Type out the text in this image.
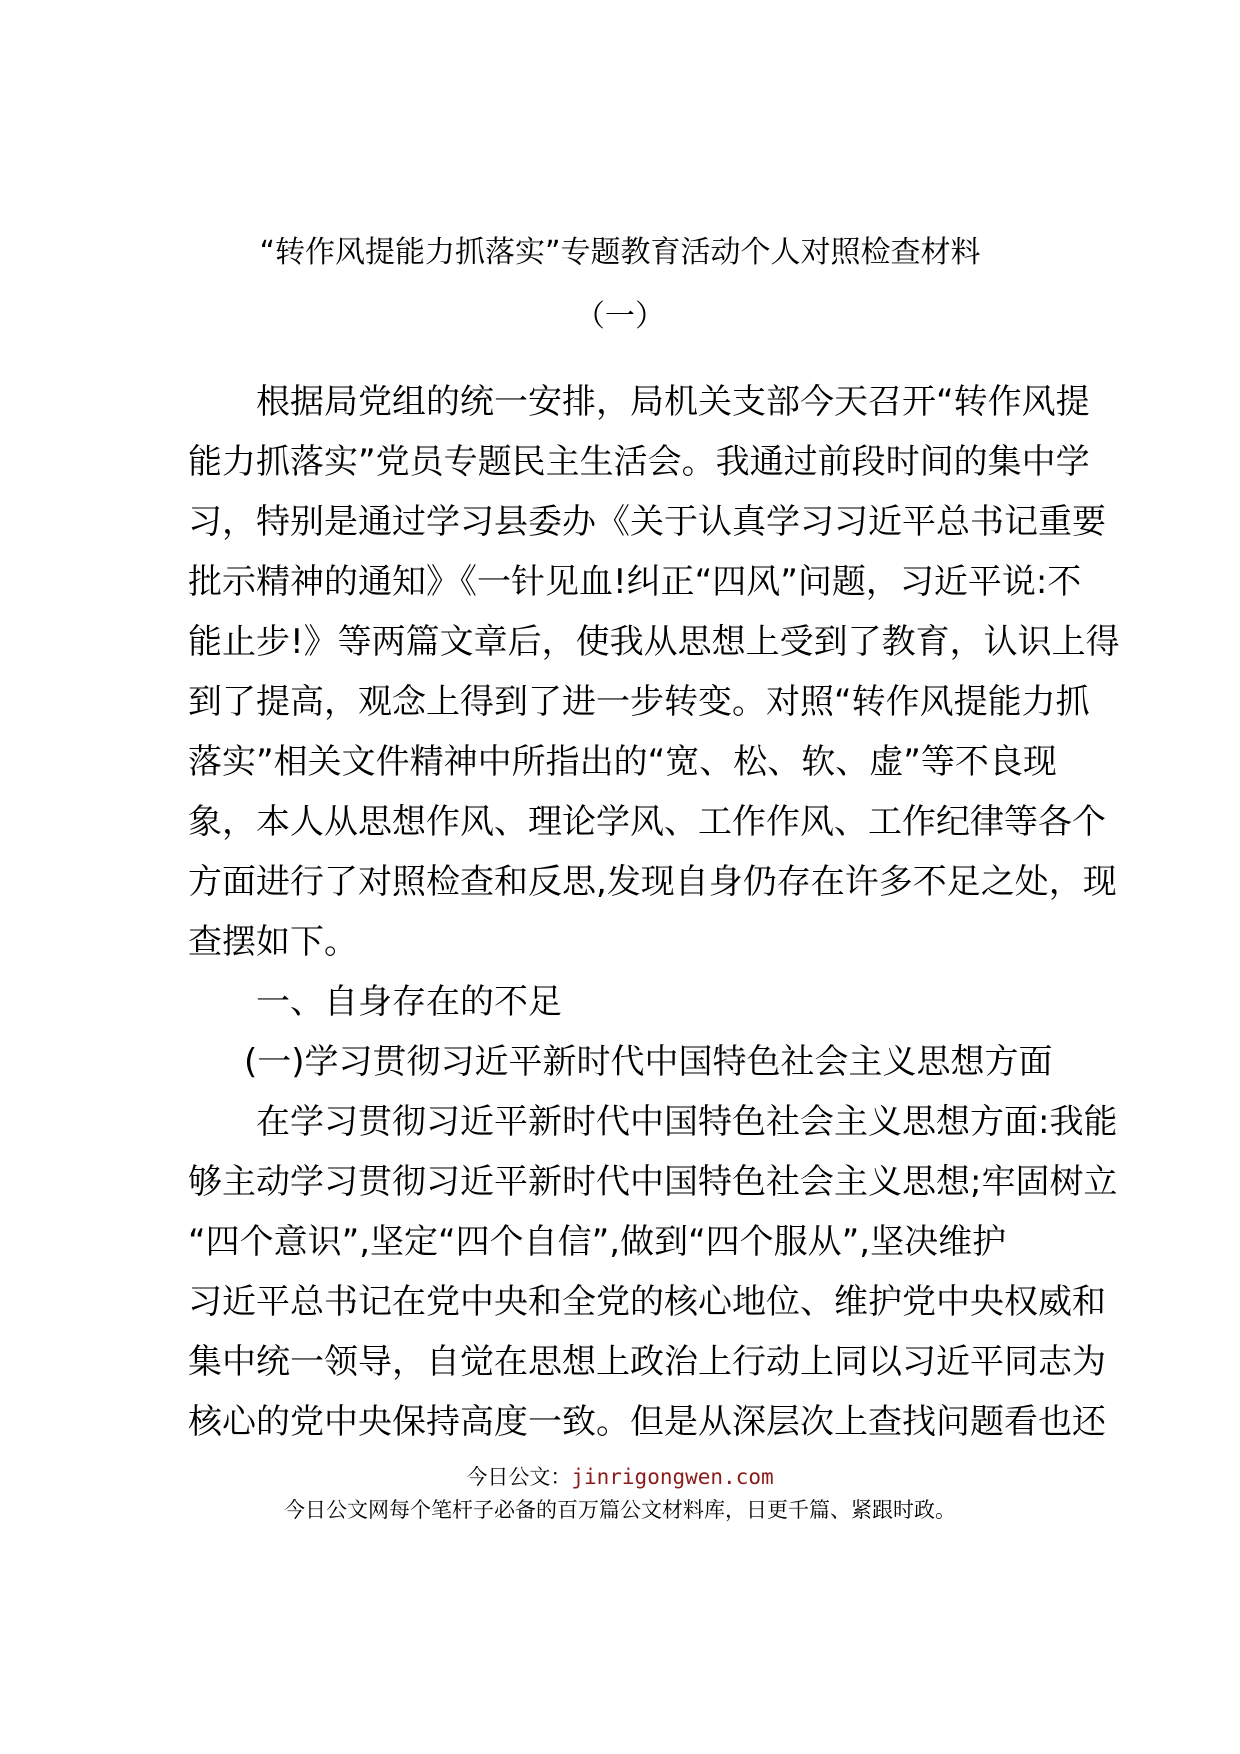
“转作风提能力抓落实”专题教育活动个人对照检查材料
（一）

根据局党组的统一安排，局机关支部今天召开“转作风提

能力抓落实”党员专题民主生活会。我通过前段时间的集中学

习，特别是通过学习县委办《关于认真学习习近平总书记重要

批示精神的通知》《一针见血!纠正“四风”问题，习近平说:不

能止步!》等两篇文章后，使我从思想上受到了教育，认识上得

到了提高，观念上得到了进一步转变。对照“转作风提能力抓

落实”相关文件精神中所指出的“宽、松、软、虚”等不良现

象，本人从思想作风、理论学风、工作作风、工作纪律等各个

方面进行了对照检查和反思,发现自身仍存在许多不足之处，现

查摆如下。

一、自身存在的不足

(一)学习贯彻习近平新时代中国特色社会主义思想方面

在学习贯彻习近平新时代中国特色社会主义思想方面:我能

够主动学习贯彻习近平新时代中国特色社会主义思想;牢固树立

“四个意识”,坚定“四个自信”,做到“四个服从”,坚决维护

习近平总书记在党中央和全党的核心地位、维护党中央权威和

集中统一领导，自觉在思想上政治上行动上同以习近平同志为

核心的党中央保持高度一致。但是从深层次上查找问题看也还

今日公文：jinrigongwen.com
今日公文网每个笔杆子必备的百万篇公文材料库，日更千篇、紧跟时政。
